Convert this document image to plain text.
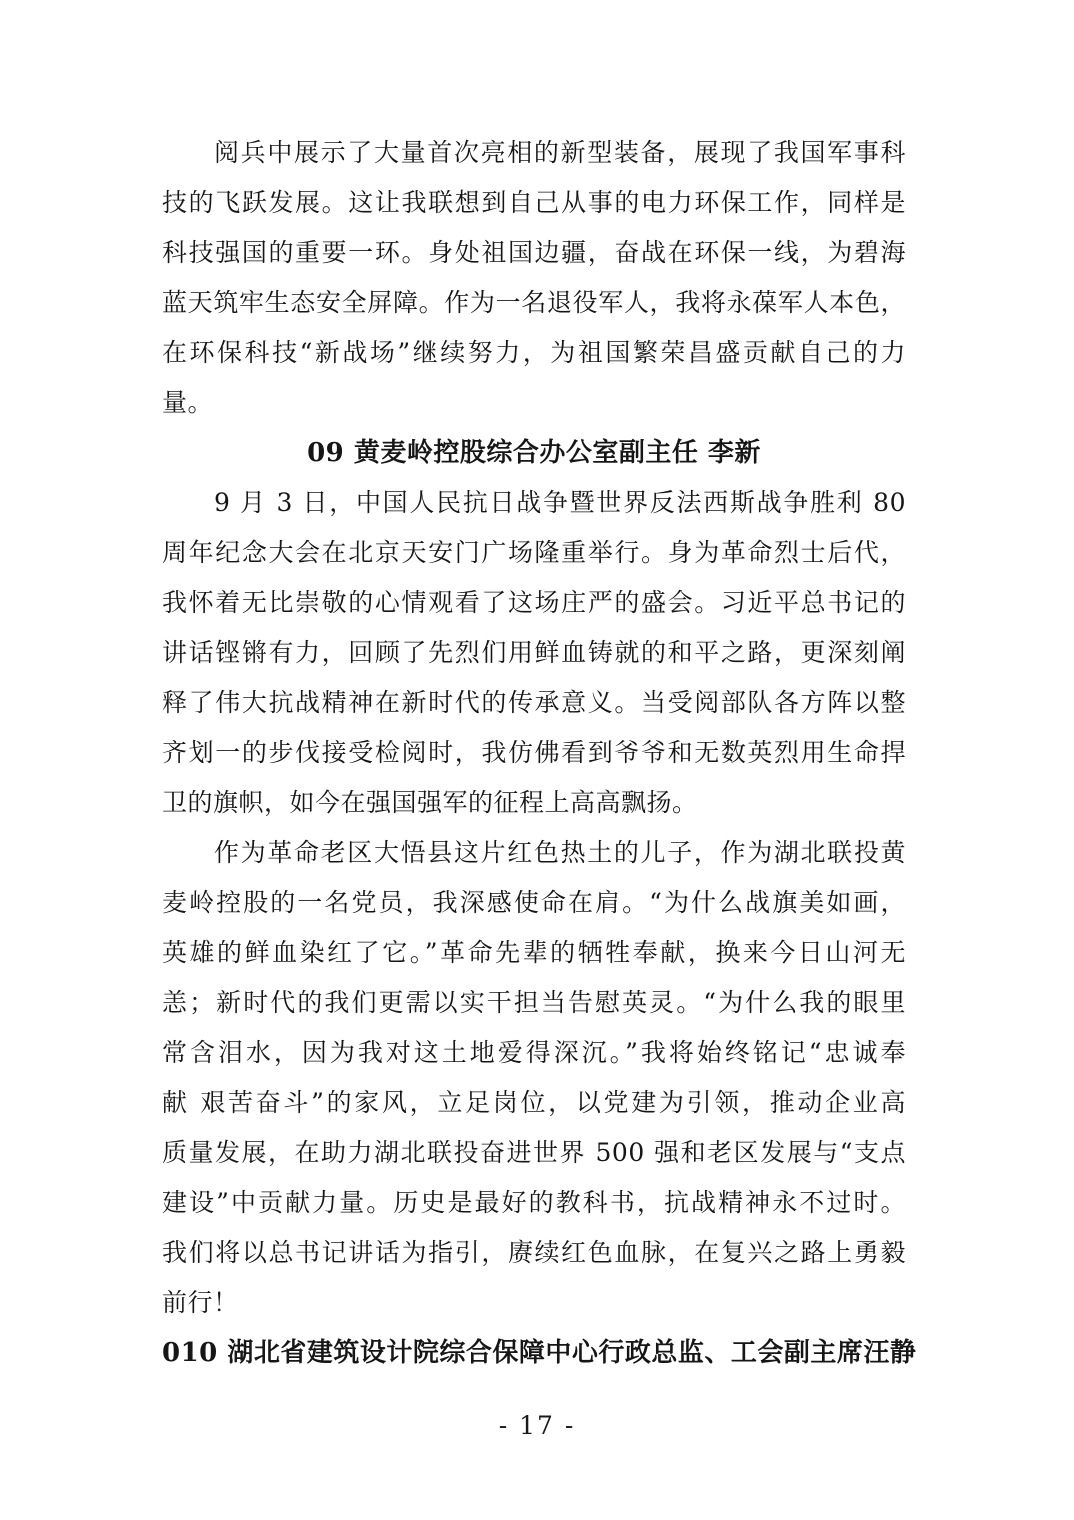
阅兵中展示了大量首次亮相的新型装备，展现了我国军事科
技的飞跃发展。这让我联想到自己从事的电力环保工作，同样是
科技强国的重要一环。身处祖国边疆，奋战在环保一线，为碧海
蓝天筑牢生态安全屏障。作为一名退役军人，我将永葆军人本色，
在环保科技“新战场”继续努力，为祖国繁荣昌盛贡献自己的力
量。
09 黄麦岭控股综合办公室副主任 李新
9 月 3 日，中国人民抗日战争暨世界反法西斯战争胜利 80
周年纪念大会在北京天安门广场隆重举行。身为革命烈士后代，
我怀着无比崇敬的心情观看了这场庄严的盛会。习近平总书记的
讲话铿锵有力，回顾了先烈们用鲜血铸就的和平之路，更深刻阐
释了伟大抗战精神在新时代的传承意义。当受阅部队各方阵以整
齐划一的步伐接受检阅时，我仿佛看到爷爷和无数英烈用生命捍
卫的旗帜，如今在强国强军的征程上高高飘扬。
作为革命老区大悟县这片红色热土的儿子，作为湖北联投黄
麦岭控股的一名党员，我深感使命在肩。“为什么战旗美如画，
英雄的鲜血染红了它。”革命先辈的牺牲奉献，换来今日山河无
恙；新时代的我们更需以实干担当告慰英灵。“为什么我的眼里
常含泪水，因为我对这土地爱得深沉。”我将始终铭记“忠诚奉
献 艰苦奋斗”的家风，立足岗位，以党建为引领，推动企业高
质量发展，在助力湖北联投奋进世界 500 强和老区发展与“支点
建设”中贡献力量。历史是最好的教科书，抗战精神永不过时。
我们将以总书记讲话为指引，赓续红色血脉，在复兴之路上勇毅
前行！
010 湖北省建筑设计院综合保障中心行政总监、工会副主席汪静
- 17 -
